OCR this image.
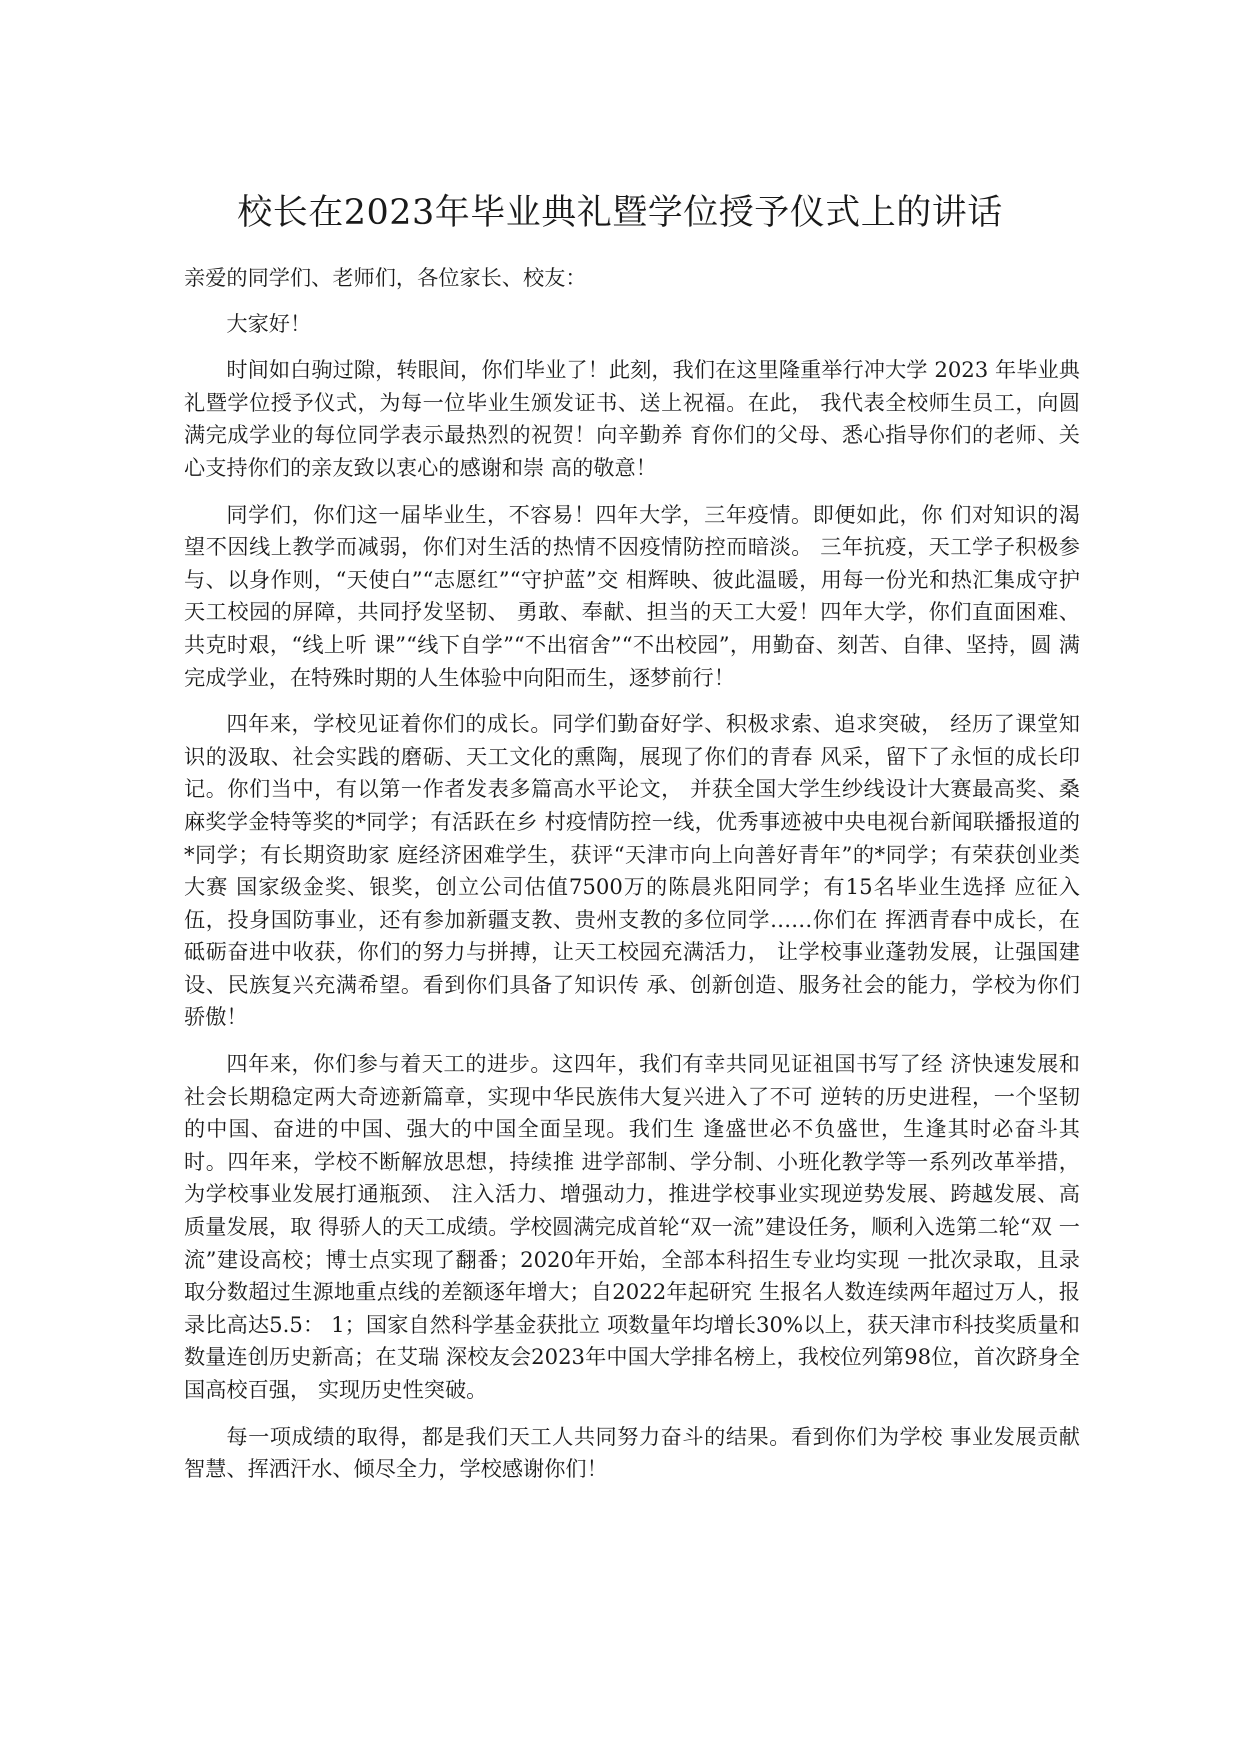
校长在2023年毕业典礼暨学位授予仪式上的讲话

亲爱的同学们、老师们，各位家长、校友：

大家好！

时间如白驹过隙，转眼间，你们毕业了！此刻，我们在这里隆重举行冲大学 2023 年毕业典礼暨学位授予仪式，为每一位毕业生颁发证书、送上祝福。在此， 我代表全校师生员工，向圆满完成学业的每位同学表示最热烈的祝贺！向辛勤养 育你们的父母、悉心指导你们的老师、关心支持你们的亲友致以衷心的感谢和崇 高的敬意！

同学们，你们这一届毕业生，不容易！四年大学，三年疫情。即便如此，你 们对知识的渴望不因线上教学而减弱，你们对生活的热情不因疫情防控而暗淡。 三年抗疫，天工学子积极参与、以身作则，“天使白”“志愿红”“守护蓝”交 相辉映、彼此温暖，用每一份光和热汇集成守护天工校园的屏障，共同抒发坚韧、 勇敢、奉献、担当的天工大爱！四年大学，你们直面困难、共克时艰，“线上听 课”“线下自学”“不出宿舍”“不出校园”，用勤奋、刻苦、自律、坚持，圆 满完成学业，在特殊时期的人生体验中向阳而生，逐梦前行！

四年来，学校见证着你们的成长。同学们勤奋好学、积极求索、追求突破， 经历了课堂知识的汲取、社会实践的磨砺、天工文化的熏陶，展现了你们的青春 风采，留下了永恒的成长印记。你们当中，有以第一作者发表多篇高水平论文， 并获全国大学生纱线设计大赛最高奖、桑麻奖学金特等奖的*同学；有活跃在乡 村疫情防控一线，优秀事迹被中央电视台新闻联播报道的*同学；有长期资助家 庭经济困难学生，获评“天津市向上向善好青年”的*同学；有荣获创业类大赛 国家级金奖、银奖，创立公司估值7500万的陈晨兆阳同学；有15名毕业生选择 应征入伍，投身国防事业，还有参加新疆支教、贵州支教的多位同学……你们在 挥洒青春中成长，在砥砺奋进中收获，你们的努力与拼搏，让天工校园充满活力， 让学校事业蓬勃发展，让强国建设、民族复兴充满希望。看到你们具备了知识传 承、创新创造、服务社会的能力，学校为你们骄傲！

四年来，你们参与着天工的进步。这四年，我们有幸共同见证祖国书写了经 济快速发展和社会长期稳定两大奇迹新篇章，实现中华民族伟大复兴进入了不可 逆转的历史进程，一个坚韧的中国、奋进的中国、强大的中国全面呈现。我们生 逢盛世必不负盛世，生逢其时必奋斗其时。四年来，学校不断解放思想，持续推 进学部制、学分制、小班化教学等一系列改革举措，为学校事业发展打通瓶颈、 注入活力、增强动力，推进学校事业实现逆势发展、跨越发展、高质量发展，取 得骄人的天工成绩。学校圆满完成首轮“双一流”建设任务，顺利入选第二轮“双 一流”建设高校；博士点实现了翻番；2020年开始，全部本科招生专业均实现 一批次录取，且录取分数超过生源地重点线的差额逐年增大；自2022年起研究 生报名人数连续两年超过万人，报录比高达5.5： 1；国家自然科学基金获批立 项数量年均增长30%以上，获天津市科技奖质量和数量连创历史新高；在艾瑞 深校友会2023年中国大学排名榜上，我校位列第98位，首次跻身全国高校百强， 实现历史性突破。

每一项成绩的取得，都是我们天工人共同努力奋斗的结果。看到你们为学校 事业发展贡献智慧、挥洒汗水、倾尽全力，学校感谢你们！
